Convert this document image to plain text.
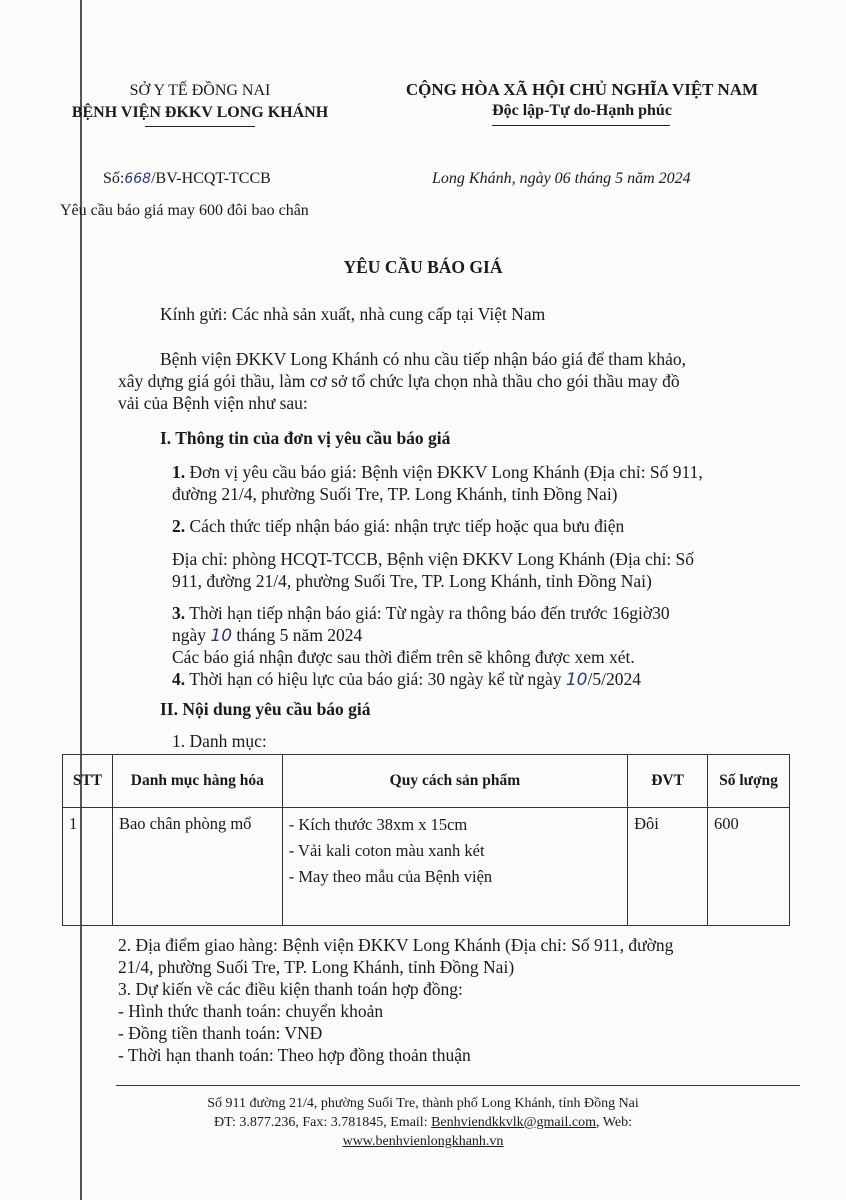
SỞ Y TẾ ĐỒNG NAI
BỆNH VIỆN ĐKKV LONG KHÁNH
CỘNG HÒA XÃ HỘI CHỦ NGHĨA VIỆT NAM
Độc lập-Tự do-Hạnh phúc
Số:668/BV-HCQT-TCCB	Long Khánh, ngày 06 tháng 5 năm 2024
Yêu cầu báo giá may 600 đôi bao chân
YÊU CẦU BÁO GIÁ
Kính gửi: Các nhà sản xuất, nhà cung cấp tại Việt Nam
Bệnh viện ĐKKV Long Khánh có nhu cầu tiếp nhận báo giá để tham khảo,
xây dựng giá gói thầu, làm cơ sở tổ chức lựa chọn nhà thầu cho gói thầu may đồ
vải của Bệnh viện như sau:
I. Thông tin của đơn vị yêu cầu báo giá
1. Đơn vị yêu cầu báo giá: Bệnh viện ĐKKV Long Khánh (Địa chỉ: Số 911,
đường 21/4, phường Suối Tre, TP. Long Khánh, tỉnh Đồng Nai)
2. Cách thức tiếp nhận báo giá: nhận trực tiếp hoặc qua bưu điện
Địa chỉ: phòng HCQT-TCCB, Bệnh viện ĐKKV Long Khánh (Địa chỉ: Số
911, đường 21/4, phường Suối Tre, TP. Long Khánh, tỉnh Đồng Nai)
3. Thời hạn tiếp nhận báo giá: Từ ngày ra thông báo đến trước 16giờ30
ngày 10 tháng 5 năm 2024
Các báo giá nhận được sau thời điểm trên sẽ không được xem xét.
4. Thời hạn có hiệu lực của báo giá: 30 ngày kể từ ngày 10/5/2024
II. Nội dung yêu cầu báo giá
1. Danh mục:
STT	Danh mục hàng hóa	Quy cách sản phẩm	ĐVT	Số lượng
1	Bao chân phòng mổ	- Kích thước 38xm x 15cm
- Vải kali coton màu xanh két
- May theo mẫu của Bệnh viện	Đôi	600
2. Địa điểm giao hàng: Bệnh viện ĐKKV Long Khánh (Địa chỉ: Số 911, đường
21/4, phường Suối Tre, TP. Long Khánh, tỉnh Đồng Nai)
3. Dự kiến về các điều kiện thanh toán hợp đồng:
- Hình thức thanh toán: chuyển khoản
- Đồng tiền thanh toán: VNĐ
- Thời hạn thanh toán: Theo hợp đồng thoản thuận
Số 911 đường 21/4, phường Suối Tre, thành phố Long Khánh, tỉnh Đồng Nai
ĐT: 3.877.236, Fax: 3.781845, Email: Benhviendkkvlk@gmail.com, Web:
www.benhvienlongkhanh.vn
